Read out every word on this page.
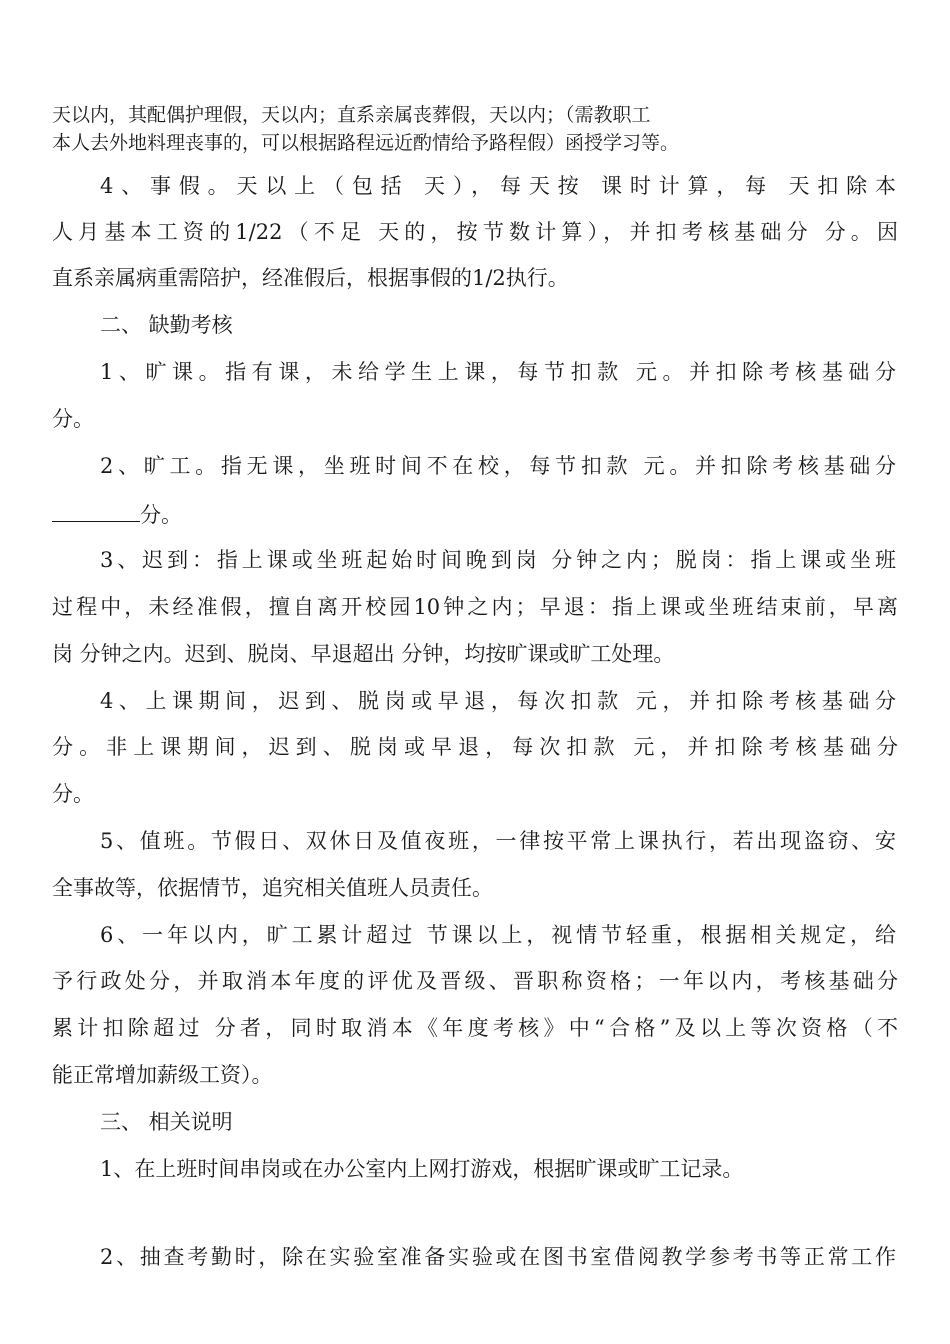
天以内，其配偶护理假，天以内；直系亲属丧葬假，天以内；（需教职工
本人去外地料理丧事的，可以根据路程远近酌情给予路程假）函授学习等。
4、事假。天以上（包括 天），每天按 课时计算，每 天扣除本
人月基本工资的1/22（不足 天的，按节数计算），并扣考核基础分 分。因
直系亲属病重需陪护，经准假后，根据事假的1/2执行。
二、 缺勤考核
1、旷课。指有课，未给学生上课，每节扣款 元。并扣除考核基础分
分。
2、旷工。指无课，坐班时间不在校，每节扣款 元。并扣除考核基础分
分。
3、迟到：指上课或坐班起始时间晚到岗 分钟之内；脱岗：指上课或坐班
过程中，未经准假，擅自离开校园10钟之内；早退：指上课或坐班结束前，早离
岗 分钟之内。迟到、脱岗、早退超出 分钟，均按旷课或旷工处理。
4、上课期间，迟到、脱岗或早退，每次扣款 元，并扣除考核基础分
分。非上课期间，迟到、脱岗或早退，每次扣款 元，并扣除考核基础分
分。
5、值班。节假日、双休日及值夜班，一律按平常上课执行，若出现盗窃、安
全事故等，依据情节，追究相关值班人员责任。
6、一年以内，旷工累计超过 节课以上，视情节轻重，根据相关规定，给
予行政处分，并取消本年度的评优及晋级、晋职称资格；一年以内，考核基础分
累计扣除超过 分者，同时取消本《年度考核》中“合格”及以上等次资格（不
能正常增加薪级工资）。
三、 相关说明
1、在上班时间串岗或在办公室内上网打游戏，根据旷课或旷工记录。
2、抽查考勤时，除在实验室准备实验或在图书室借阅教学参考书等正常工作
